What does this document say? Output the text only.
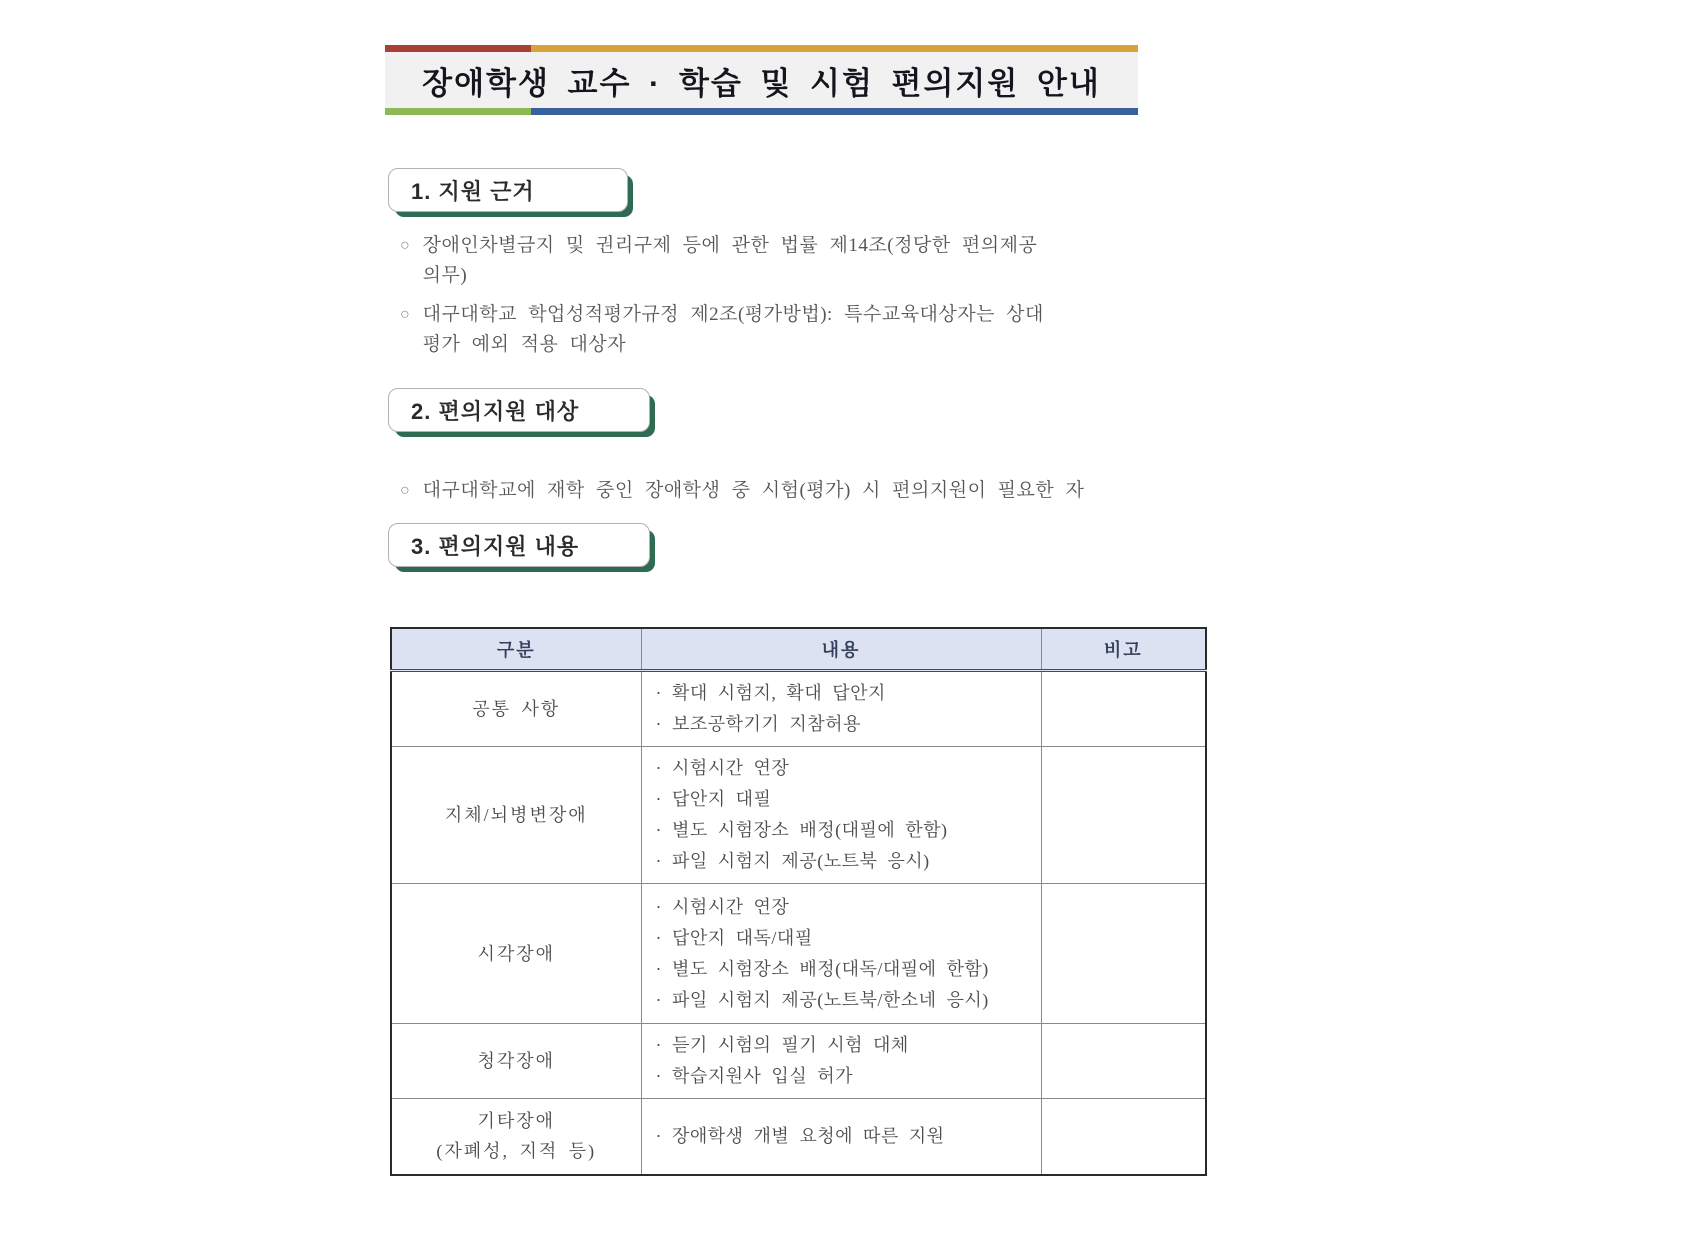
장애학생 교수 · 학습 및 시험 편의지원 안내
1. 지원 근거
○ 장애인차별금지 및 권리구제 등에 관한 법률 제14조(정당한 편의제공
의무)
○ 대구대학교 학업성적평가규정 제2조(평가방법): 특수교육대상자는 상대
평가 예외 적용 대상자
2. 편의지원 대상
○ 대구대학교에 재학 중인 장애학생 중 시험(평가) 시 편의지원이 필요한 자
3. 편의지원 내용
구분	내용	비고

공통 사항	· 확대 시험지, 확대 답안지
· 보조공학기기 지참허용	

지체/뇌병변장애	· 시험시간 연장
· 답안지 대필
· 별도 시험장소 배정(대필에 한함)
· 파일 시험지 제공(노트북 응시)	

시각장애	· 시험시간 연장
· 답안지 대독/대필
· 별도 시험장소 배정(대독/대필에 한함)
· 파일 시험지 제공(노트북/한소네 응시)	

청각장애	· 듣기 시험의 필기 시험 대체
· 학습지원사 입실 허가	

기타장애
(자폐성, 지적 등)	· 장애학생 개별 요청에 따른 지원	
